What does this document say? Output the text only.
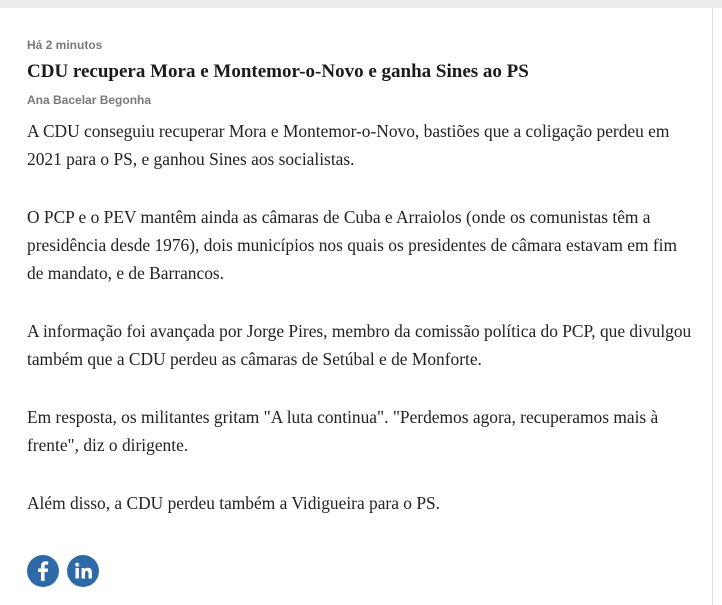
Há 2 minutos
CDU recupera Mora e Montemor-o-Novo e ganha Sines ao PS
Ana Bacelar Begonha

A CDU conseguiu recuperar Mora e Montemor-o-Novo, bastiões que a coligação perdeu em 2021 para o PS, e ganhou Sines aos socialistas.

O PCP e o PEV mantêm ainda as câmaras de Cuba e Arraiolos (onde os comunistas têm a presidência desde 1976), dois municípios nos quais os presidentes de câmara estavam em fim de mandato, e de Barrancos.

A informação foi avançada por Jorge Pires, membro da comissão política do PCP, que divulgou também que a CDU perdeu as câmaras de Setúbal e de Monforte.

Em resposta, os militantes gritam "A luta continua". "Perdemos agora, recuperamos mais à frente", diz o dirigente.

Além disso, a CDU perdeu também a Vidigueira para o PS.
